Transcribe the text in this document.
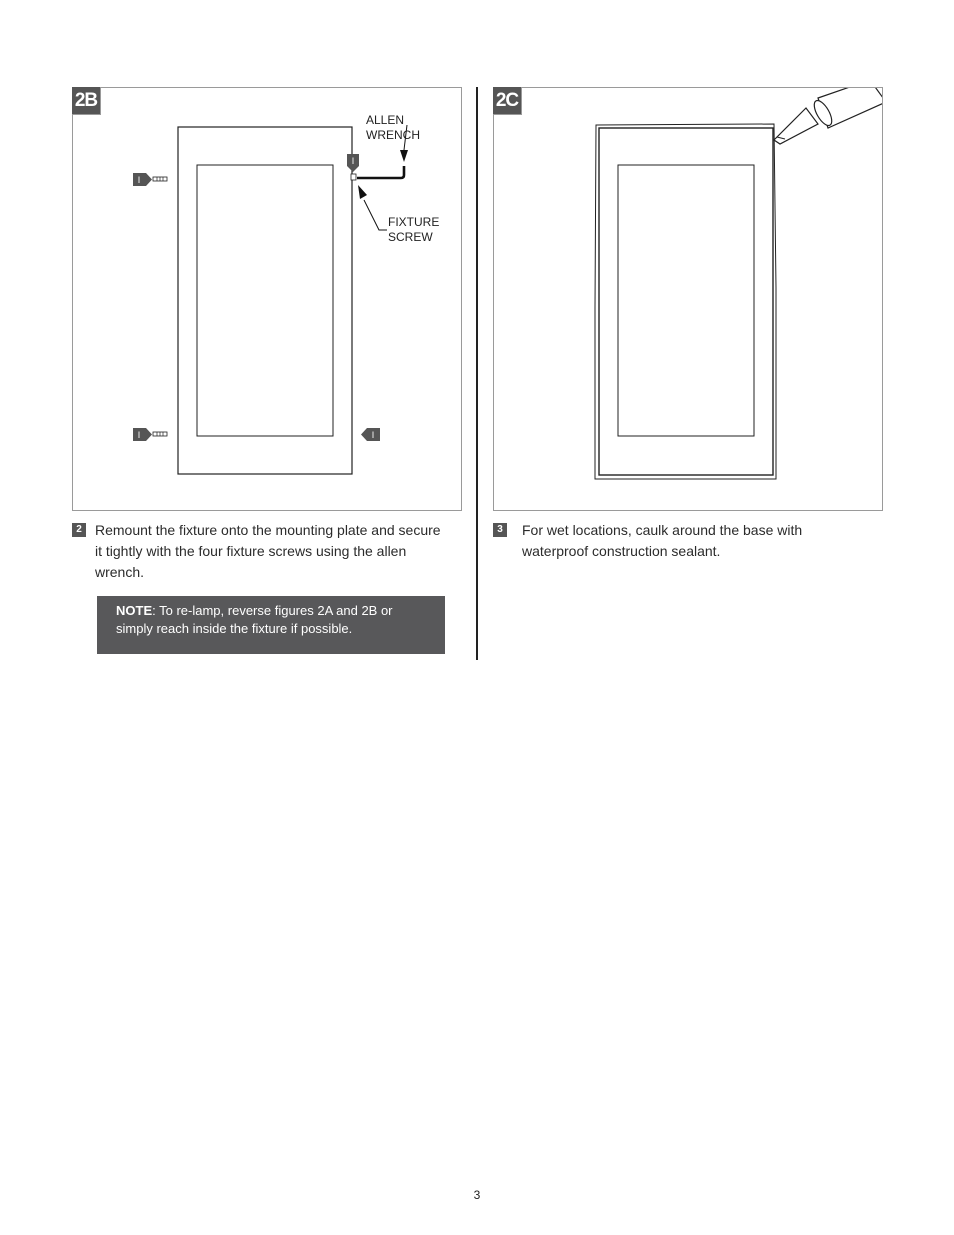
I
I	I
I
2B
ALLEN WRENCH
FIXTURE
SCREW
2C
2 Remount the fixture onto the mounting plate and secure it tightly with the four fixture screws using the allen wrench.
NOTE: To re-lamp, reverse figures 2A and 2B or simply reach inside the fixture if possible.
3	For wet locations, caulk around the base with waterproof construction sealant.
3
